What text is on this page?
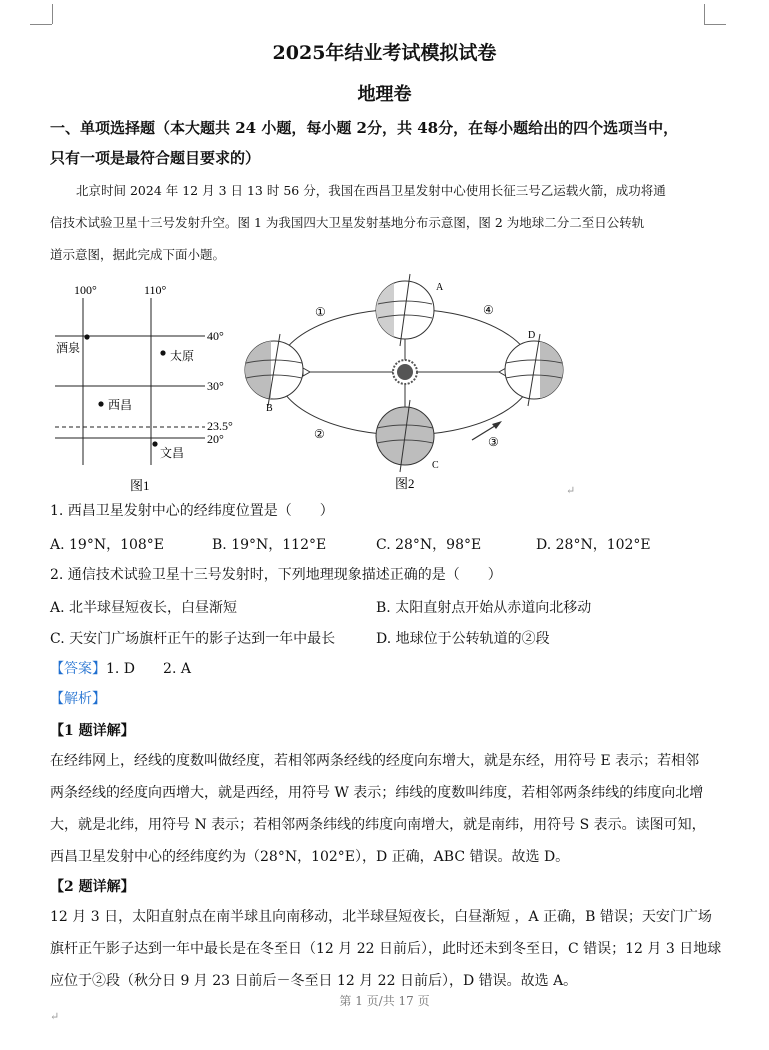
2025年结业考试模拟试卷
地理卷
一、单项选择题（本大题共 24 小题，每小题 2分，共 48分，在每小题给出的四个选项当中，
只有一项是最符合题目要求的）
北京时间 2024 年 12 月 3 日 13 时 56 分，我国在西昌卫星发射中心使用长征三号乙运载火箭，成功将通
信技术试验卫星十三号发射升空。图 1 为我国四大卫星发射基地分布示意图，图 2 为地球二分二至日公转轨
道示意图，据此完成下面小题。
100°	110°
40°
30°
23.5°
20°
酒泉
太原
西昌
文昌
图1
A
B
C
D
①
②
③
④
图2	↵
1. 西昌卫星发射中心的经纬度位置是（　　）
A. 19°N，108°E	B. 19°N，112°E	C. 28°N，98°E	D. 28°N，102°E
2. 通信技术试验卫星十三号发射时，下列地理现象描述正确的是（　　）
A. 北半球昼短夜长，白昼渐短	B. 太阳直射点开始从赤道向北移动
C. 天安门广场旗杆正午的影子达到一年中最长	D. 地球位于公转轨道的②段
【答案】1. D　　2. A
【解析】
【1 题详解】
在经纬网上，经线的度数叫做经度，若相邻两条经线的经度向东增大，就是东经，用符号 E 表示；若相邻
两条经线的经度向西增大，就是西经，用符号 W 表示；纬线的度数叫纬度，若相邻两条纬线的纬度向北增
大，就是北纬，用符号 N 表示；若相邻两条纬线的纬度向南增大，就是南纬，用符号 S 表示。读图可知，
西昌卫星发射中心的经纬度约为（28°N，102°E），D 正确，ABC 错误。故选 D。
【2 题详解】
12 月 3 日，太阳直射点在南半球且向南移动，北半球昼短夜长，白昼渐短 ，A 正确，B 错误；天安门广场
旗杆正午影子达到一年中最长是在冬至日（12 月 22 日前后），此时还未到冬至日，C 错误；12 月 3 日地球
应位于②段（秋分日 9 月 23 日前后－冬至日 12 月 22 日前后），D 错误。故选 A。
第 1 页/共 17 页
↵
